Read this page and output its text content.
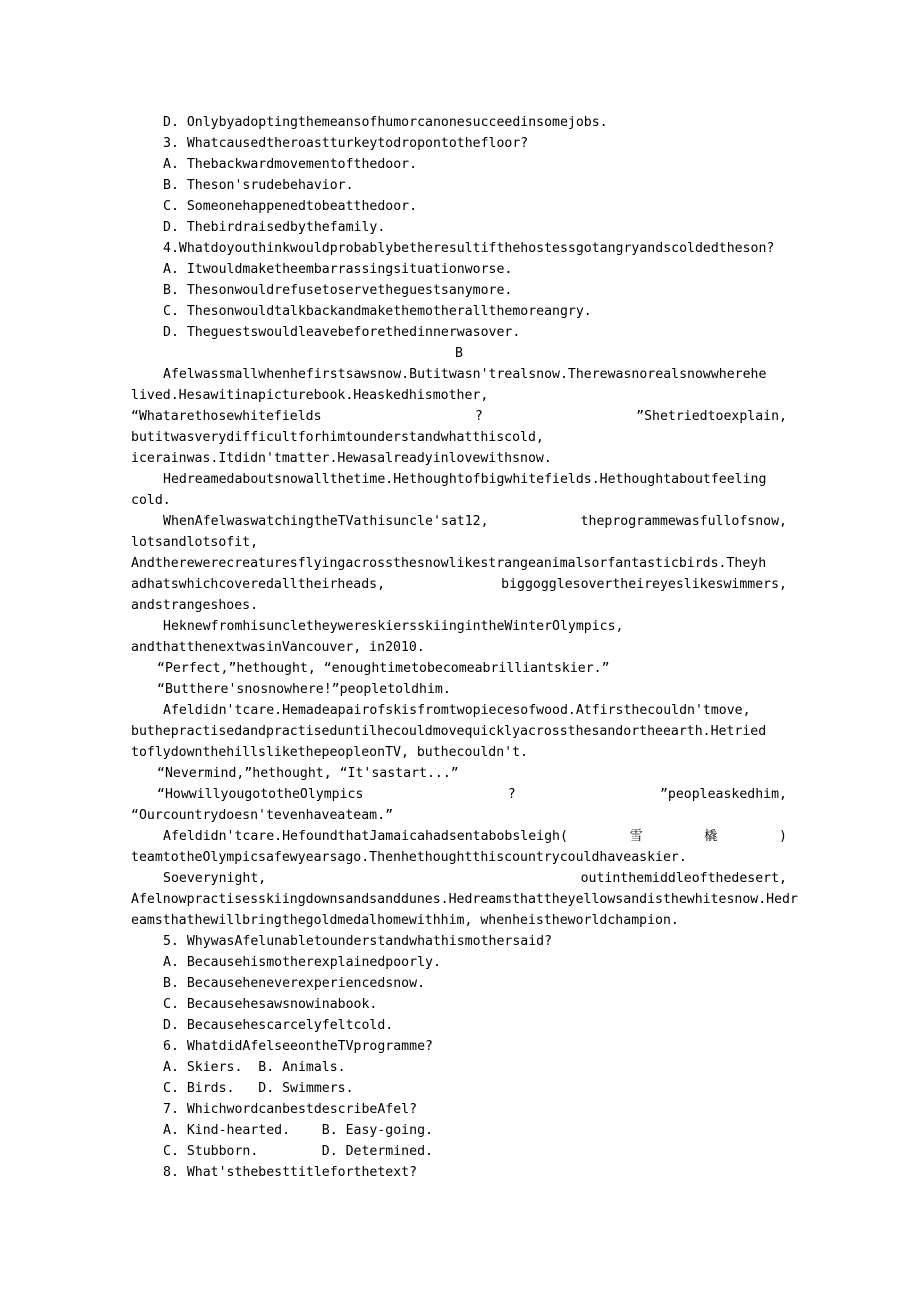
D. Onlybyadoptingthemeansofhumorcanonesucceedinsomejobs.

3. Whatcausedtheroastturkeytodropontothefloor?

A. Thebackwardmovementofthedoor.

B. Theson'srudebehavior.

C. Someonehappenedtobeatthedoor.

D. Thebirdraisedbythefamily.

4.Whatdoyouthinkwouldprobablybetheresultifthehostessgotangryandscoldedtheson?

A. Itwouldmaketheembarrassingsituationworse.

B. Thesonwouldrefusetoservetheguestsanymore.

C. Thesonwouldtalkbackandmakethemotherallthemoreangry.

D. Theguestswouldleavebeforethedinnerwasover.

B

Afelwassmallwhenhefirstsawsnow.Butitwasn'trealsnow.Therewasnorealsnowwherehe

lived.Hesawitinapicturebook.Heaskedhismother,

“Whatarethosewhitefields	?	”Shetriedtoexplain,

butitwasverydifficultforhimtounderstandwhatthiscold,

icerainwas.Itdidn'tmatter.Hewasalreadyinlovewithsnow.

Hedreamedaboutsnowallthetime.Hethoughtofbigwhitefields.Hethoughtaboutfeeling

cold.

WhenAfelwaswatchingtheTVathisuncle'sat12,	theprogrammewasfullofsnow,

lotsandlotsofit,

Andtherewerecreaturesflyingacrossthesnowlikestrangeanimalsorfantasticbirds.Theyh

adhatswhichcoveredalltheirheads,	biggogglesovertheireyeslikeswimmers,

andstrangeshoes.

HeknewfromhisuncletheywereskiersskiingintheWinterOlympics,

andthatthenextwasinVancouver, in2010.

“Perfect,”hethought, “enoughtimetobecomeabrilliantskier.”

“Butthere'snosnowhere!”peopletoldhim.

Afeldidn'tcare.Hemadeapairofskisfromtwopiecesofwood.Atfirsthecouldn'tmove,

buthepractisedandpractiseduntilhecouldmovequicklyacrossthesandortheearth.Hetried

toflydownthehillslikethepeopleonTV, buthecouldn't.

“Nevermind,”hethought, “It'sastart...”

“HowwillyougototheOlympics	?	”peopleaskedhim,

“Ourcountrydoesn'tevenhaveateam.”

Afeldidn'tcare.HefoundthatJamaicahadsentabobsleigh(	雪	橇	)

teamtotheOlympicsafewyearsago.Thenhethoughtthiscountrycouldhaveaskier.

Soeverynight,	outinthemiddleofthedesert,

Afelnowpractisesskiingdownsandsanddunes.Hedreamsthattheyellowsandisthewhitesnow.Hedr

eamsthathewillbringthegoldmedalhomewithhim, whenheistheworldchampion.

5. WhywasAfelunabletounderstandwhathismothersaid?

A. Becausehismotherexplainedpoorly.

B. Becauseheneverexperiencedsnow.

C. Becausehesawsnowinabook.

D. Becausehescarcelyfeltcold.

6. WhatdidAfelseeontheTVprogramme?

A. Skiers.  B. Animals.

C. Birds.   D. Swimmers.

7. WhichwordcanbestdescribeAfel?

A. Kind-hearted.    B. Easy-going.

C. Stubborn.        D. Determined.

8. What'sthebesttitleforthetext?
